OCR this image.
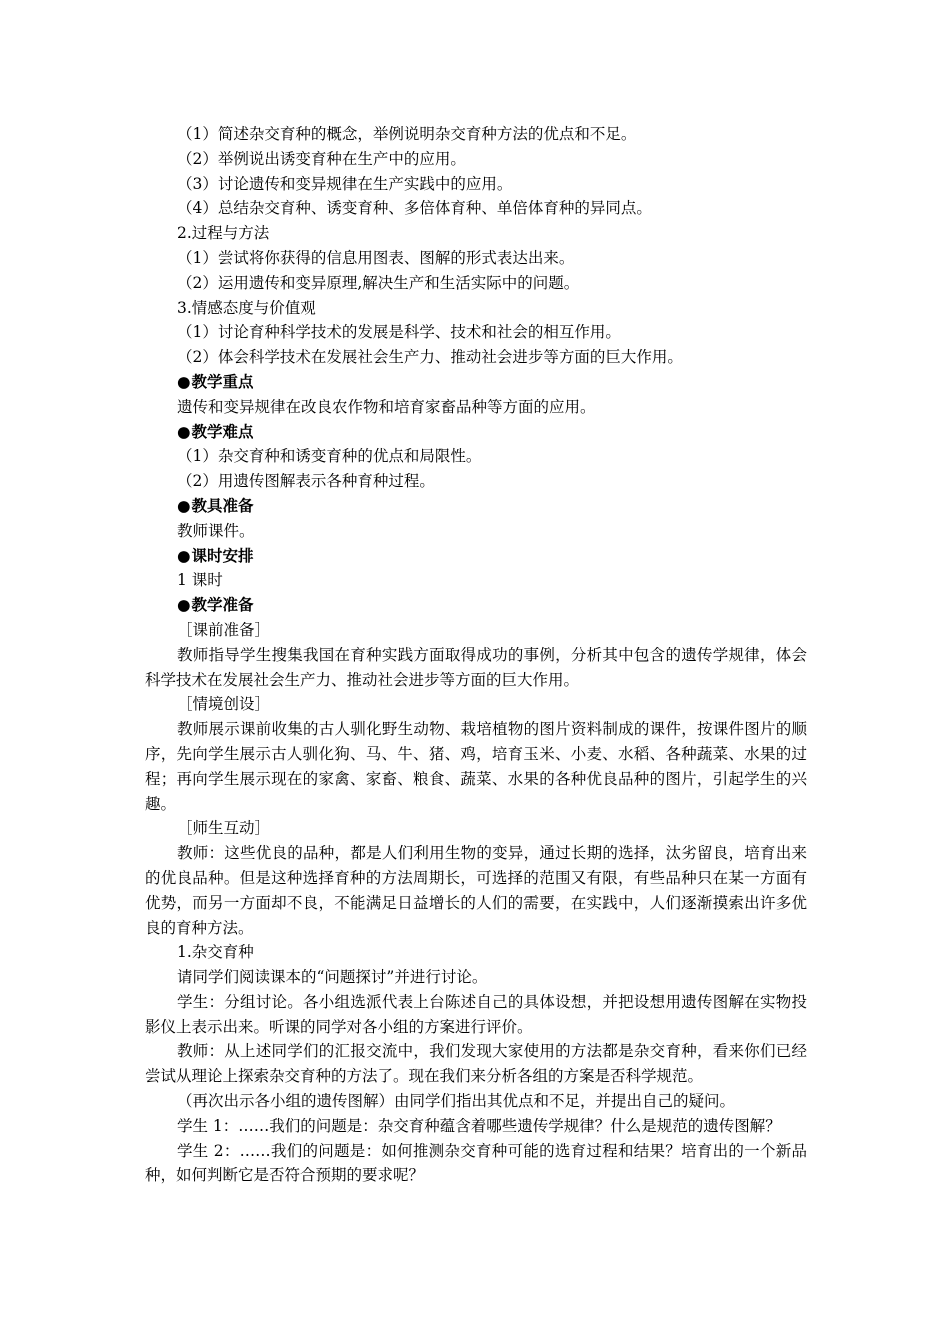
（1）简述杂交育种的概念，举例说明杂交育种方法的优点和不足。
（2）举例说出诱变育种在生产中的应用。
（3）讨论遗传和变异规律在生产实践中的应用。
（4）总结杂交育种、诱变育种、多倍体育种、单倍体育种的异同点。
2.过程与方法
（1）尝试将你获得的信息用图表、图解的形式表达出来。
（2）运用遗传和变异原理,解决生产和生活实际中的问题。
3.情感态度与价值观
（1）讨论育种科学技术的发展是科学、技术和社会的相互作用。
（2）体会科学技术在发展社会生产力、推动社会进步等方面的巨大作用。
●教学重点
遗传和变异规律在改良农作物和培育家畜品种等方面的应用。
●教学难点
（1）杂交育种和诱变育种的优点和局限性。
（2）用遗传图解表示各种育种过程。
●教具准备
教师课件。
●课时安排
1 课时
●教学准备
［课前准备］

教师指导学生搜集我国在育种实践方面取得成功的事例，分析其中包含的遗传学规律，体会科学技术在发展社会生产力、推动社会进步等方面的巨大作用。

［情境创设］

教师展示课前收集的古人驯化野生动物、栽培植物的图片资料制成的课件，按课件图片的顺序，先向学生展示古人驯化狗、马、牛、猪、鸡，培育玉米、小麦、水稻、各种蔬菜、水果的过程；再向学生展示现在的家禽、家畜、粮食、蔬菜、水果的各种优良品种的图片，引起学生的兴趣。

［师生互动］

教师：这些优良的品种，都是人们利用生物的变异，通过长期的选择，汰劣留良，培育出来的优良品种。但是这种选择育种的方法周期长，可选择的范围又有限，有些品种只在某一方面有优势，而另一方面却不良，不能满足日益增长的人们的需要，在实践中，人们逐渐摸索出许多优良的育种方法。

1.杂交育种

请同学们阅读课本的“问题探讨”并进行讨论。

学生：分组讨论。各小组选派代表上台陈述自己的具体设想，并把设想用遗传图解在实物投影仪上表示出来。听课的同学对各小组的方案进行评价。

教师：从上述同学们的汇报交流中，我们发现大家使用的方法都是杂交育种，看来你们已经尝试从理论上探索杂交育种的方法了。现在我们来分析各组的方案是否科学规范。

（再次出示各小组的遗传图解）由同学们指出其优点和不足，并提出自己的疑问。

学生 1：……我们的问题是：杂交育种蕴含着哪些遗传学规律？什么是规范的遗传图解？

学生 2：……我们的问题是：如何推测杂交育种可能的选育过程和结果？培育出的一个新品种，如何判断它是否符合预期的要求呢？
